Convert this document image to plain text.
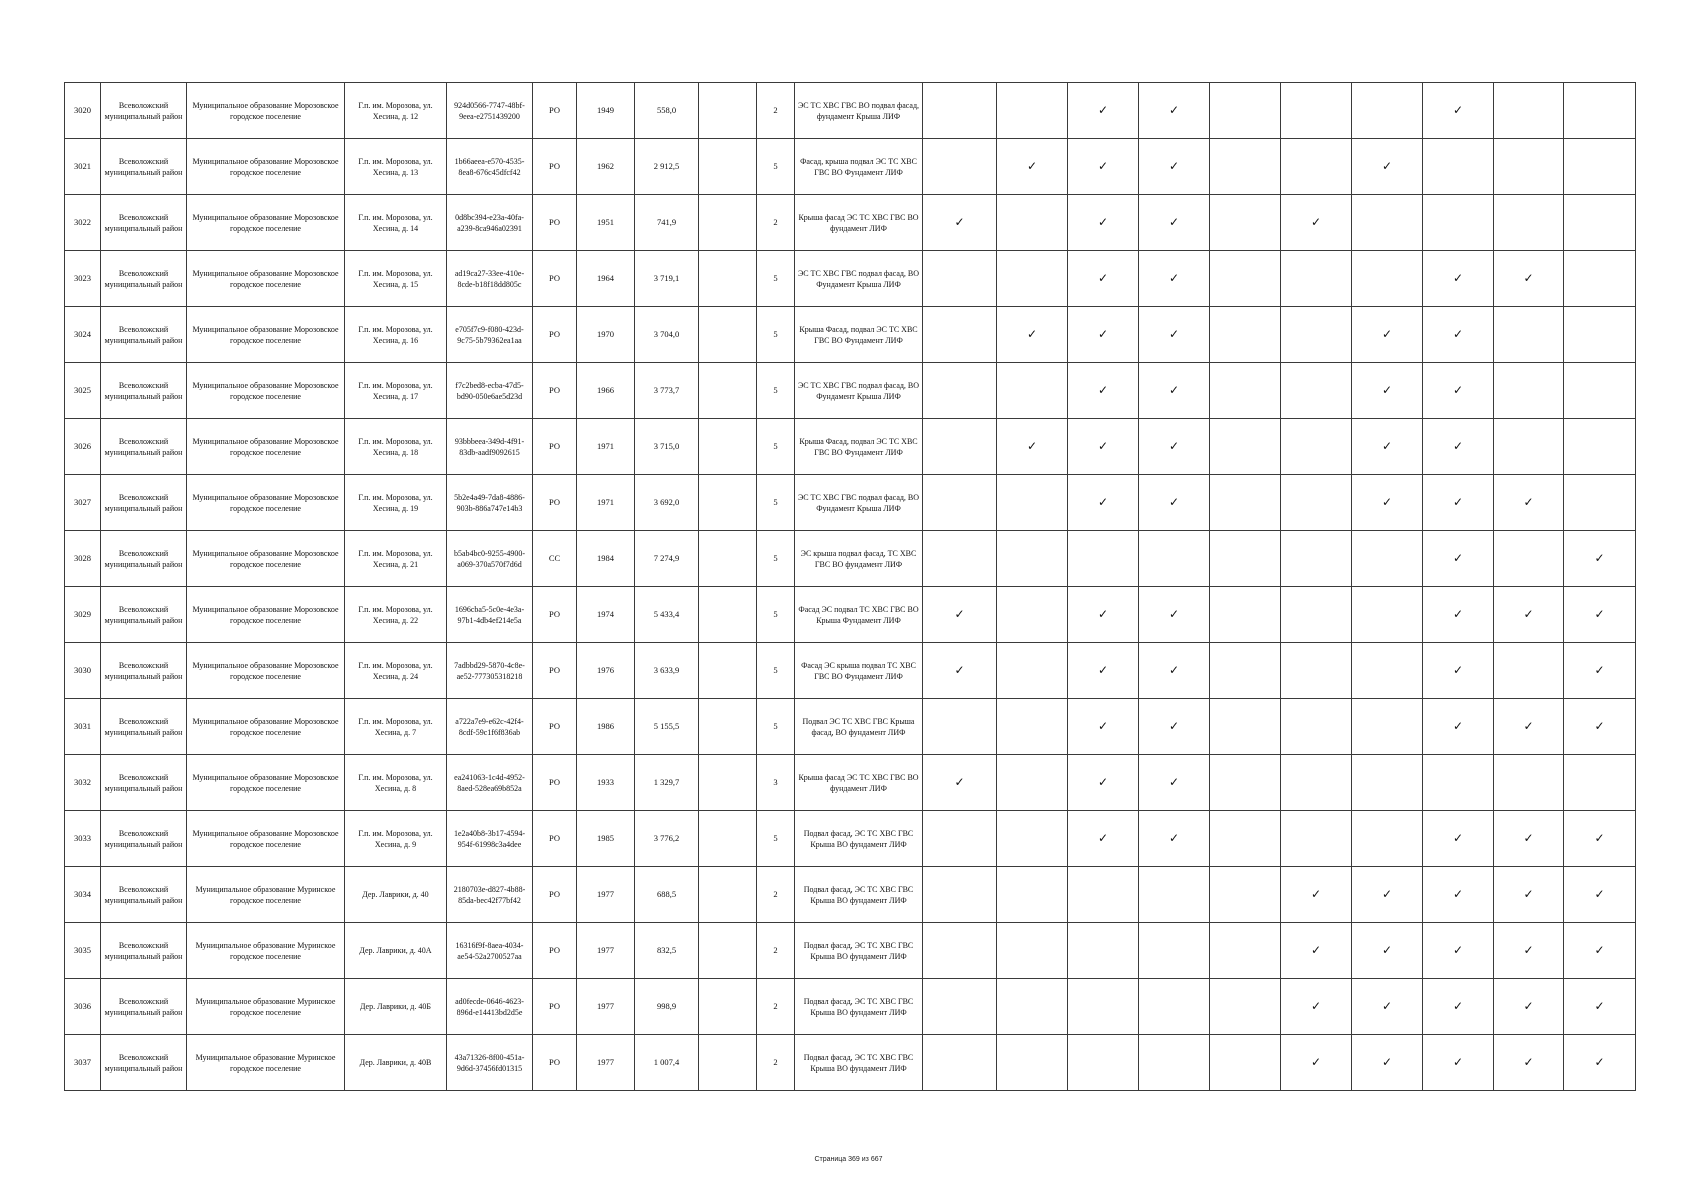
3020	Всеволожский муниципальный район	Муниципальное образование Морозовское городское поселение	Г.п. им. Морозова, ул. Хесина, д. 12	924d0566-7747-48bf-9eea-e2751439200	РО	1949	558,0		2	ЭС ТС ХВС ГВС ВО подвал фасад, фундамент Крыша ЛИФ			✓	✓				✓		
3021	Всеволожский муниципальный район	Муниципальное образование Морозовское городское поселение	Г.п. им. Морозова, ул. Хесина, д. 13	1b66aeea-e570-4535-8ea8-676c45dfcf42	РО	1962	2 912,5		5	Фасад, крыша подвал ЭС ТС ХВС ГВС ВО Фундамент ЛИФ		✓	✓	✓			✓			
3022	Всеволожский муниципальный район	Муниципальное образование Морозовское городское поселение	Г.п. им. Морозова, ул. Хесина, д. 14	0d8bc394-e23a-40fa-a239-8ca946a02391	РО	1951	741,9		2	Крыша фасад ЭС ТС ХВС ГВС ВО фундамент ЛИФ	✓		✓	✓		✓				
3023	Всеволожский муниципальный район	Муниципальное образование Морозовское городское поселение	Г.п. им. Морозова, ул. Хесина, д. 15	ad19ca27-33ee-410e-8cde-b18f18dd805c	РО	1964	3 719,1		5	ЭС ТС ХВС ГВС подвал фасад, ВО Фундамент Крыша ЛИФ			✓	✓				✓	✓	
3024	Всеволожский муниципальный район	Муниципальное образование Морозовское городское поселение	Г.п. им. Морозова, ул. Хесина, д. 16	e705f7c9-f080-423d-9c75-5b79362ea1aa	РО	1970	3 704,0		5	Крыша Фасад, подвал ЭС ТС ХВС ГВС ВО Фундамент ЛИФ		✓	✓	✓			✓	✓		
3025	Всеволожский муниципальный район	Муниципальное образование Морозовское городское поселение	Г.п. им. Морозова, ул. Хесина, д. 17	f7c2bed8-ecba-47d5-bd90-050e6ae5d23d	РО	1966	3 773,7		5	ЭС ТС ХВС ГВС подвал фасад, ВО Фундамент Крыша ЛИФ			✓	✓			✓	✓		
3026	Всеволожский муниципальный район	Муниципальное образование Морозовское городское поселение	Г.п. им. Морозова, ул. Хесина, д. 18	93bbbeea-349d-4f91-83db-aadf9092615	РО	1971	3 715,0		5	Крыша Фасад, подвал ЭС ТС ХВС ГВС ВО Фундамент ЛИФ		✓	✓	✓			✓	✓		
3027	Всеволожский муниципальный район	Муниципальное образование Морозовское городское поселение	Г.п. им. Морозова, ул. Хесина, д. 19	5b2e4a49-7da8-4886-903b-886a747e14b3	РО	1971	3 692,0		5	ЭС ТС ХВС ГВС подвал фасад, ВО Фундамент Крыша ЛИФ			✓	✓			✓	✓	✓	
3028	Всеволожский муниципальный район	Муниципальное образование Морозовское городское поселение	Г.п. им. Морозова, ул. Хесина, д. 21	b5ab4bc0-9255-4900-a069-370a570f7d6d	СС	1984	7 274,9		5	ЭС крыша подвал фасад, ТС ХВС ГВС ВО фундамент ЛИФ								✓		✓
3029	Всеволожский муниципальный район	Муниципальное образование Морозовское городское поселение	Г.п. им. Морозова, ул. Хесина, д. 22	1696cba5-5c0e-4e3a-97b1-4db4ef214e5a	РО	1974	5 433,4		5	Фасад ЭС подвал ТС ХВС ГВС ВО Крыша Фундамент ЛИФ	✓		✓	✓				✓	✓	✓
3030	Всеволожский муниципальный район	Муниципальное образование Морозовское городское поселение	Г.п. им. Морозова, ул. Хесина, д. 24	7adbbd29-5870-4c8e-ae52-777305318218	РО	1976	3 633,9		5	Фасад ЭС крыша подвал ТС ХВС ГВС ВО Фундамент ЛИФ	✓		✓	✓				✓		✓
3031	Всеволожский муниципальный район	Муниципальное образование Морозовское городское поселение	Г.п. им. Морозова, ул. Хесина, д. 7	a722a7e9-e62c-42f4-8cdf-59c1f6f836ab	РО	1986	5 155,5		5	Подвал ЭС ТС ХВС ГВС Крыша фасад, ВО фундамент ЛИФ			✓	✓				✓	✓	✓
3032	Всеволожский муниципальный район	Муниципальное образование Морозовское городское поселение	Г.п. им. Морозова, ул. Хесина, д. 8	ea241063-1c4d-4952-8aed-528ea69b852a	РО	1933	1 329,7		3	Крыша фасад ЭС ТС ХВС ГВС ВО фундамент ЛИФ	✓		✓	✓						
3033	Всеволожский муниципальный район	Муниципальное образование Морозовское городское поселение	Г.п. им. Морозова, ул. Хесина, д. 9	1e2a40b8-3b17-4594-954f-61998c3a4dee	РО	1985	3 776,2		5	Подвал фасад, ЭС ТС ХВС ГВС Крыша ВО фундамент ЛИФ			✓	✓				✓	✓	✓
3034	Всеволожский муниципальный район	Муниципальное образование Муринское городское поселение	Дер. Лаврики, д. 40	2180703e-d827-4b88-85da-bec42f77bf42	РО	1977	688,5		2	Подвал фасад, ЭС ТС ХВС ГВС Крыша ВО фундамент ЛИФ						✓	✓	✓	✓	✓
3035	Всеволожский муниципальный район	Муниципальное образование Муринское городское поселение	Дер. Лаврики, д. 40А	16316f9f-8aea-4034-ae54-52a2700527aa	РО	1977	832,5		2	Подвал фасад, ЭС ТС ХВС ГВС Крыша ВО фундамент ЛИФ						✓	✓	✓	✓	✓
3036	Всеволожский муниципальный район	Муниципальное образование Муринское городское поселение	Дер. Лаврики, д. 40Б	ad0fecde-0646-4623-896d-e14413bd2d5e	РО	1977	998,9		2	Подвал фасад, ЭС ТС ХВС ГВС Крыша ВО фундамент ЛИФ						✓	✓	✓	✓	✓
3037	Всеволожский муниципальный район	Муниципальное образование Муринское городское поселение	Дер. Лаврики, д. 40В	43a71326-8f00-451a-9d6d-37456fd01315	РО	1977	1 007,4		2	Подвал фасад, ЭС ТС ХВС ГВС Крыша ВО фундамент ЛИФ						✓	✓	✓	✓	✓
Страница 369 из 667
